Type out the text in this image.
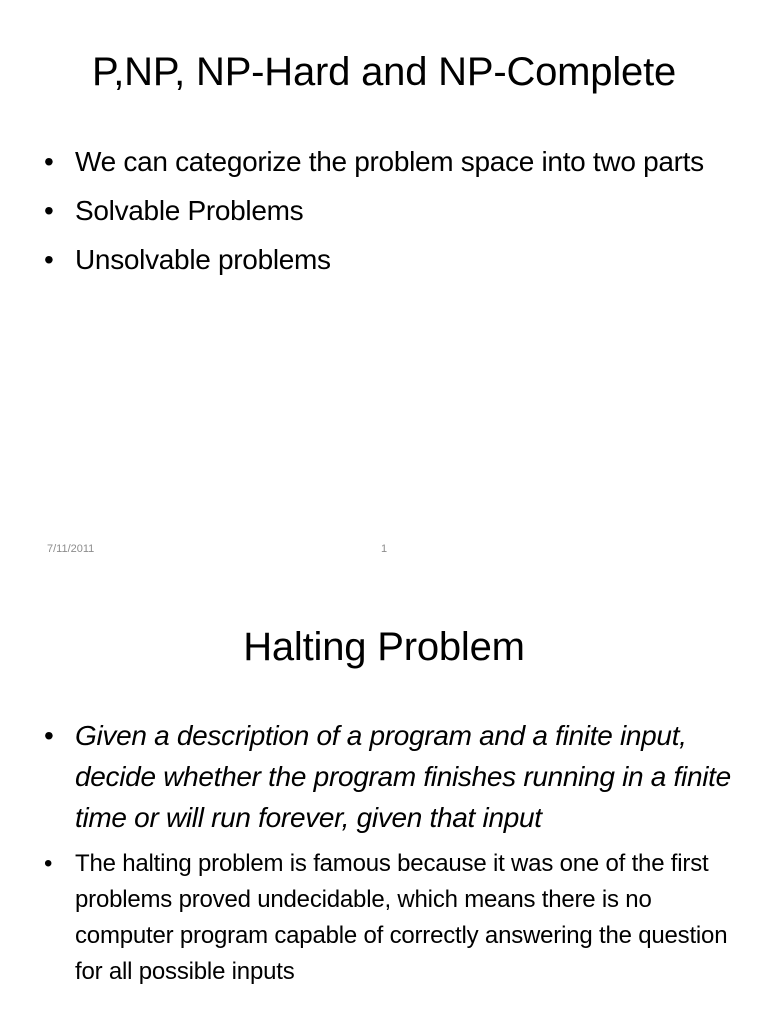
P,NP, NP-Hard and NP-Complete
• We can categorize the problem space into two parts
• Solvable Problems
• Unsolvable problems
7/11/2011	1
Halting Problem
• Given a description of a program and a finite input, decide whether the program finishes running in a finite time or will run forever, given that input
• The halting problem is famous because it was one of the first problems proved undecidable, which means there is no computer program capable of correctly answering the question for all possible inputs
